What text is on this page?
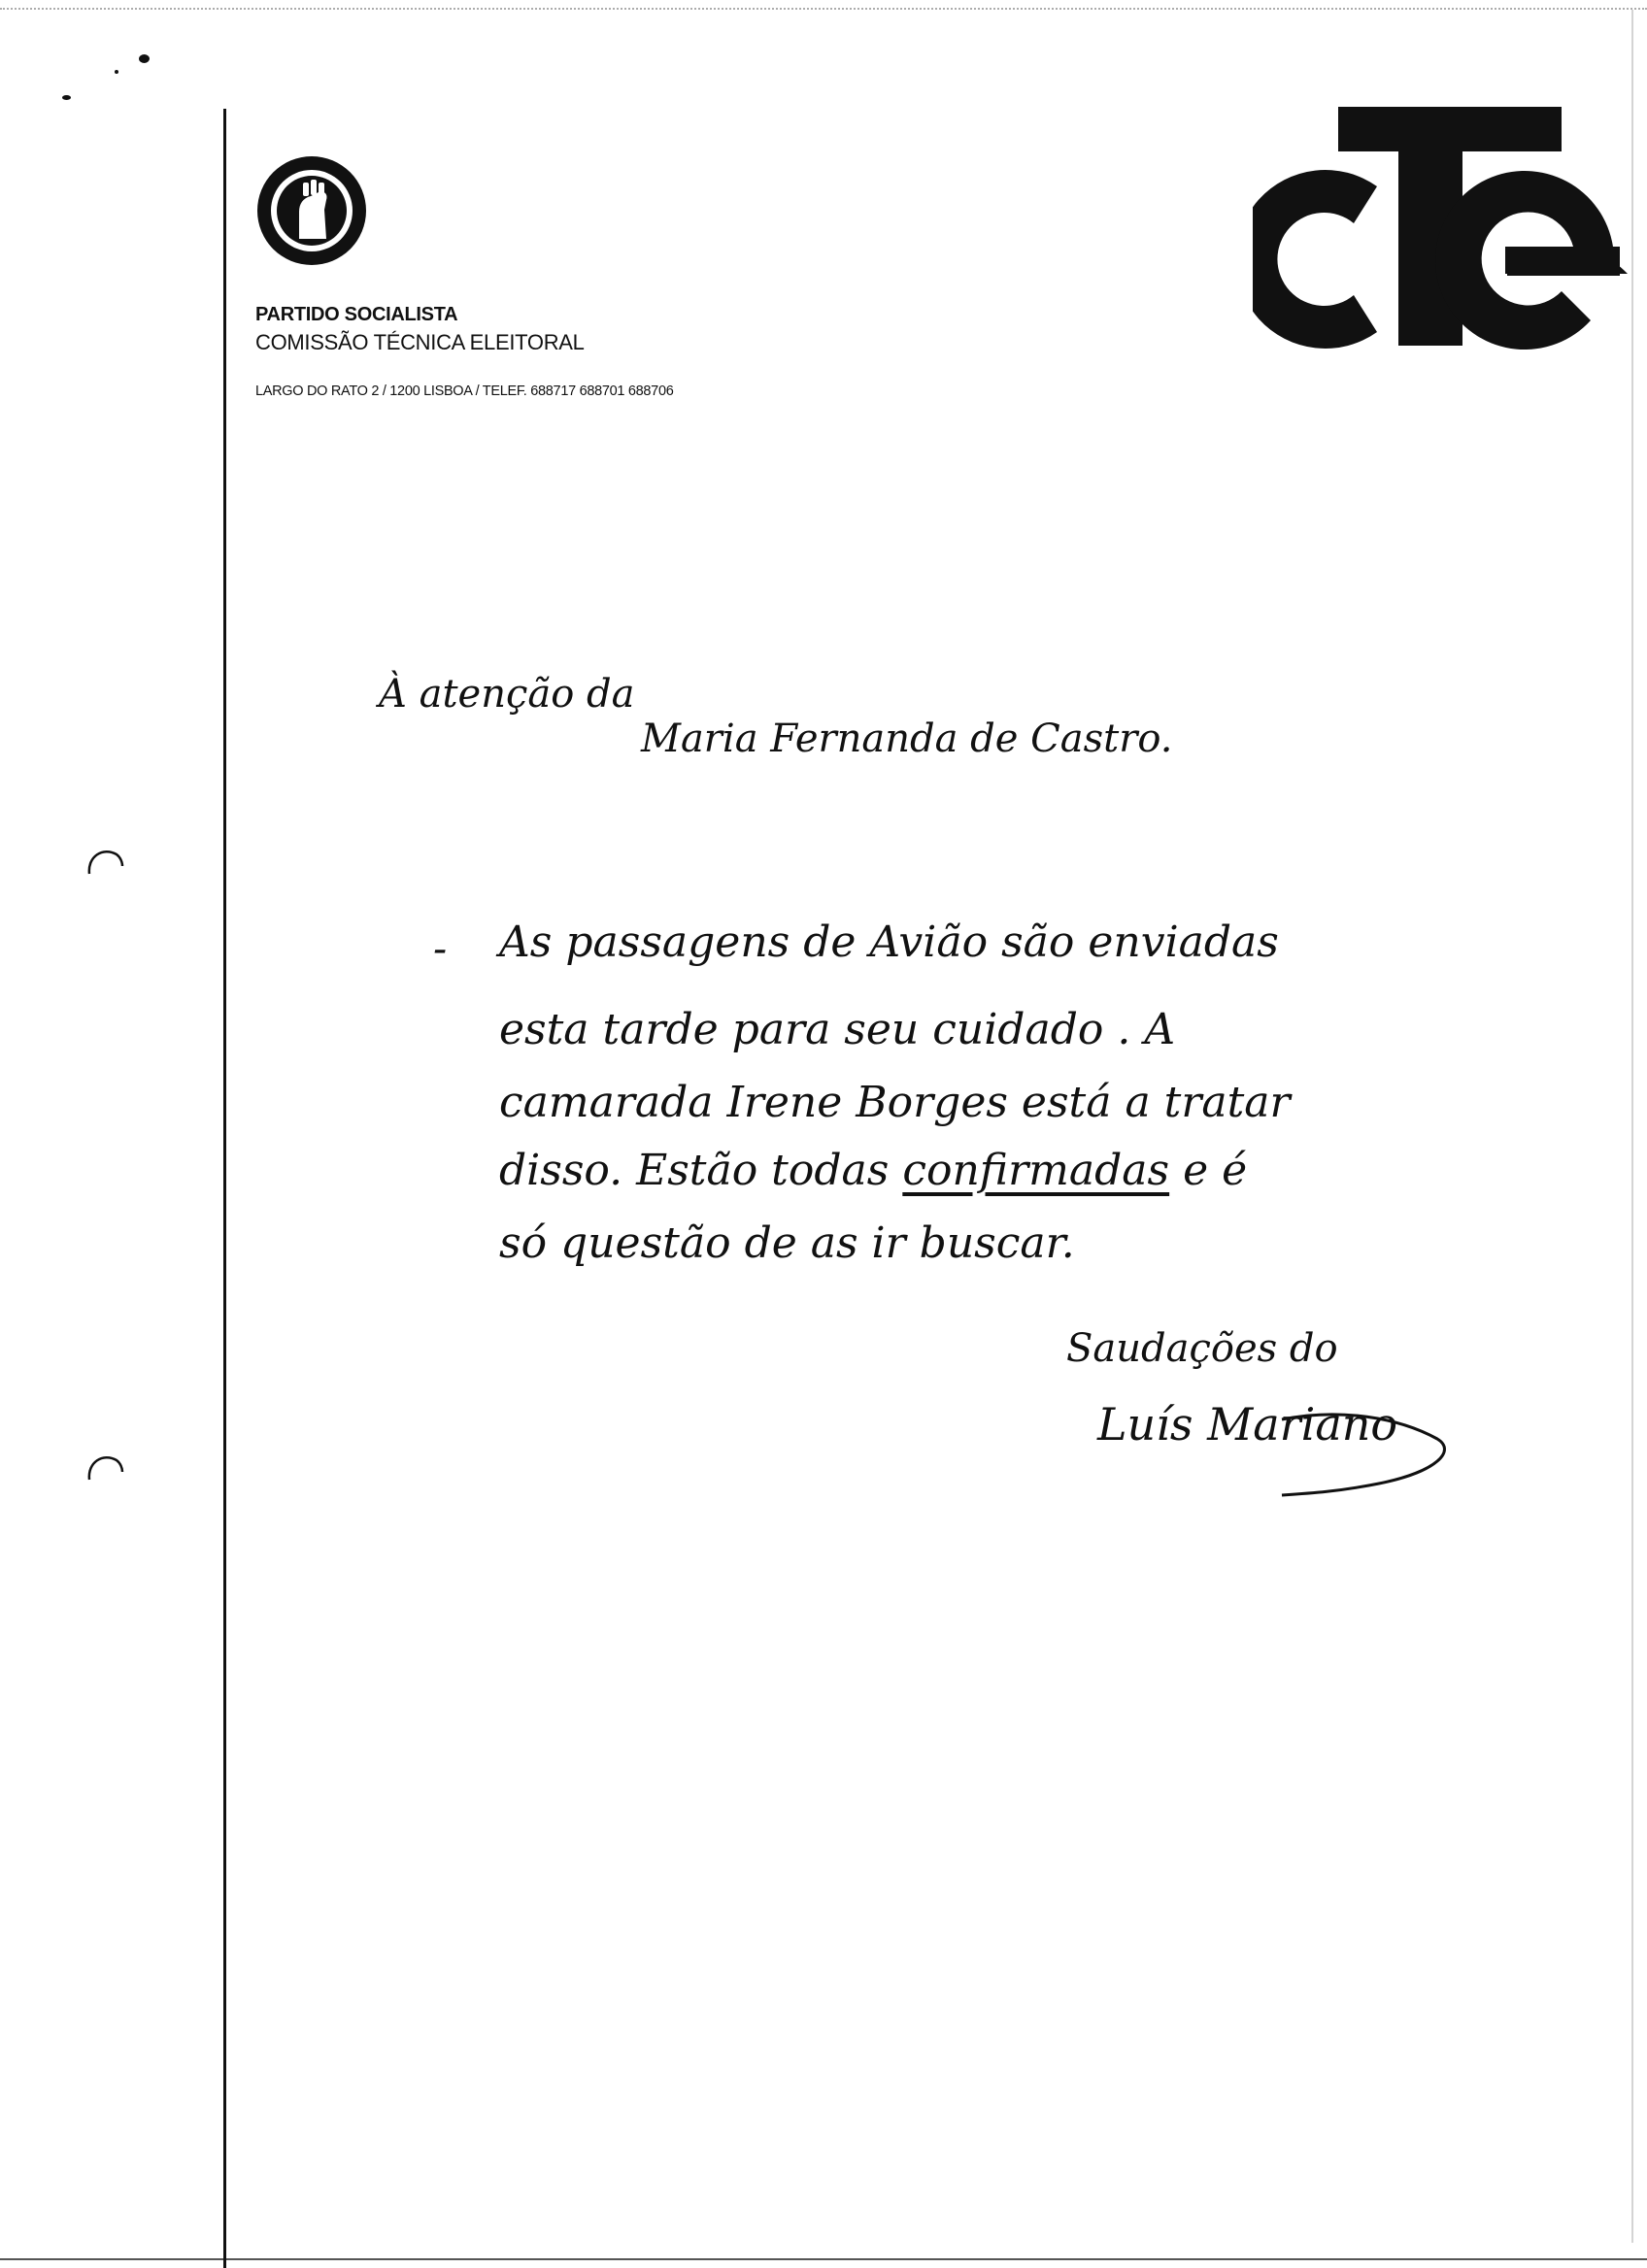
PARTIDO SOCIALISTA
COMISSÃO TÉCNICA ELEITORAL
LARGO DO RATO 2 / 1200 LISBOA / TELEF. 688717 688701 688706
À atenção da
Maria Fernanda de Castro.
- As passagens de Avião são enviadas
esta tarde para seu cuidado . A
camarada Irene Borges está a tratar
disso. Estão todas confirmadas e é
só questão de as ir buscar.
Saudações do
Luís Mariano
